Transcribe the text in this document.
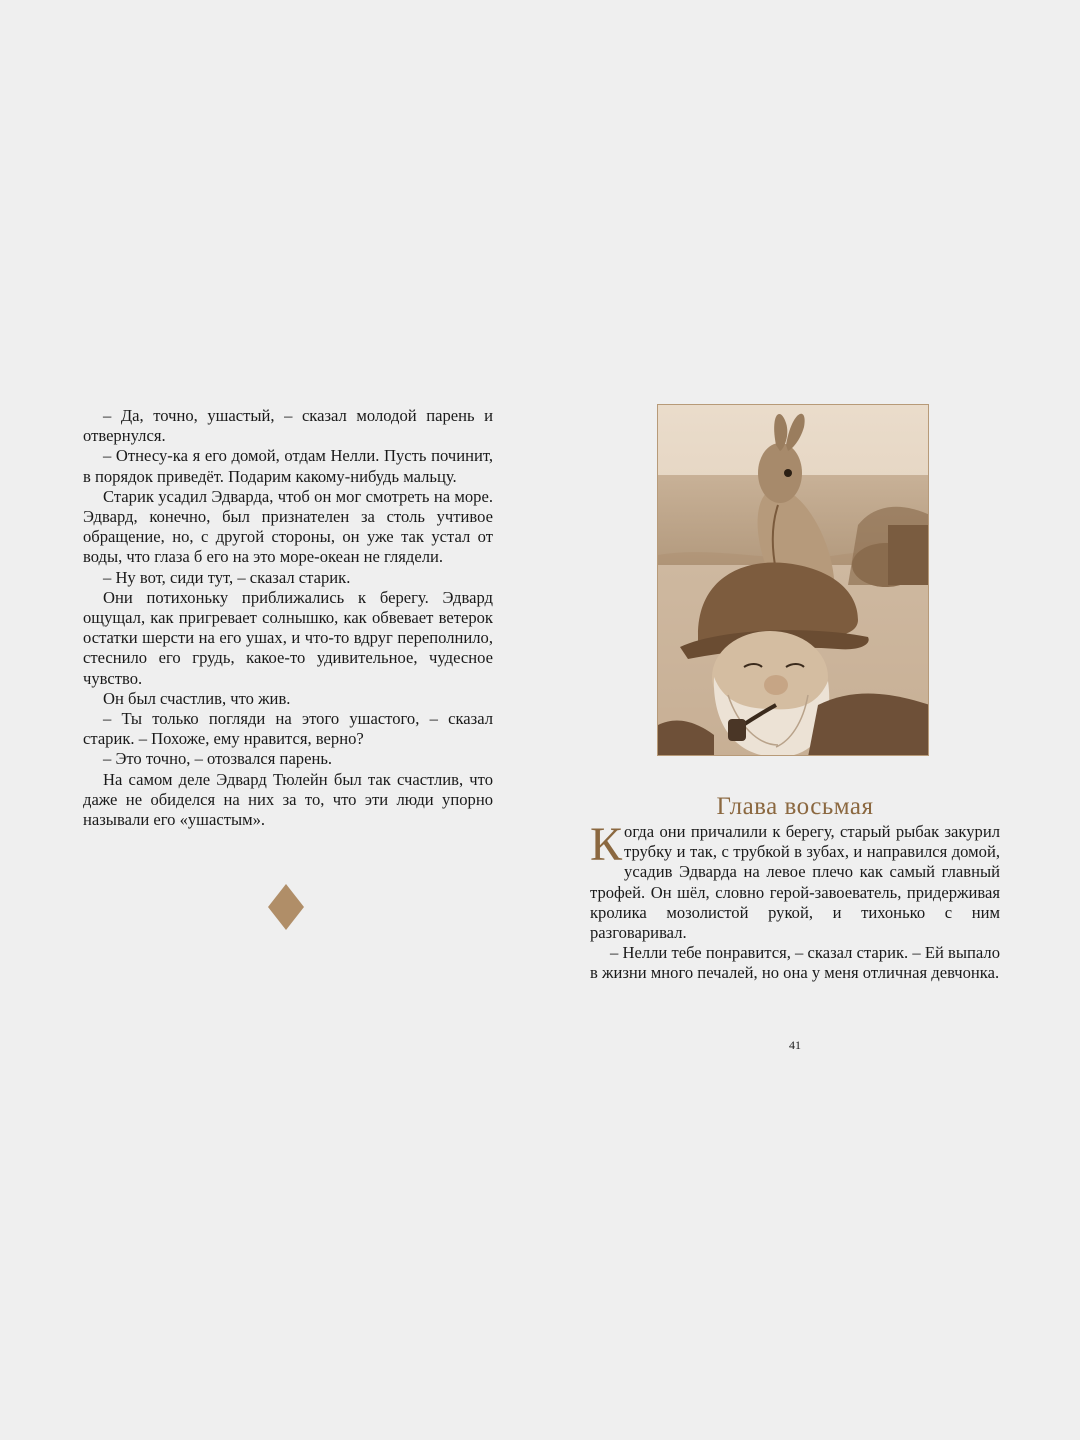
– Да, точно, ушастый, – сказал молодой парень и отвернулся.

– Отнесу-ка я его домой, отдам Нелли. Пусть починит, в порядок приведёт. Подарим какому-нибудь мальцу.

Старик усадил Эдварда, чтоб он мог смотреть на море. Эдвард, конечно, был признателен за столь учтивое обращение, но, с другой стороны, он уже так устал от воды, что глаза б его на это море-океан не глядели.

– Ну вот, сиди тут, – сказал старик.

Они потихоньку приближались к берегу. Эдвард ощущал, как пригревает солнышко, как обвевает ветерок остатки шерсти на его ушах, и что-то вдруг переполнило, стеснило его грудь, какое-то удивительное, чудесное чувство.

Он был счастлив, что жив.

– Ты только погляди на этого ушастого, – сказал старик. – Похоже, ему нравится, верно?

– Это точно, – отозвался парень.

На самом деле Эдвард Тюлейн был так счастлив, что даже не обиделся на них за то, что эти люди упорно называли его «ушастым».	Глава восьмая

Когда они причалили к берегу, старый рыбак закурил трубку и так, с трубкой в зубах, и направился домой, усадив Эдварда на левое плечо как самый главный трофей. Он шёл, словно герой-завоеватель, придерживая кролика мозолистой рукой, и тихонько с ним разговаривал.

– Нелли тебе понравится, – сказал старик. – Ей выпало в жизни много печалей, но она у меня отличная девчонка.

41
